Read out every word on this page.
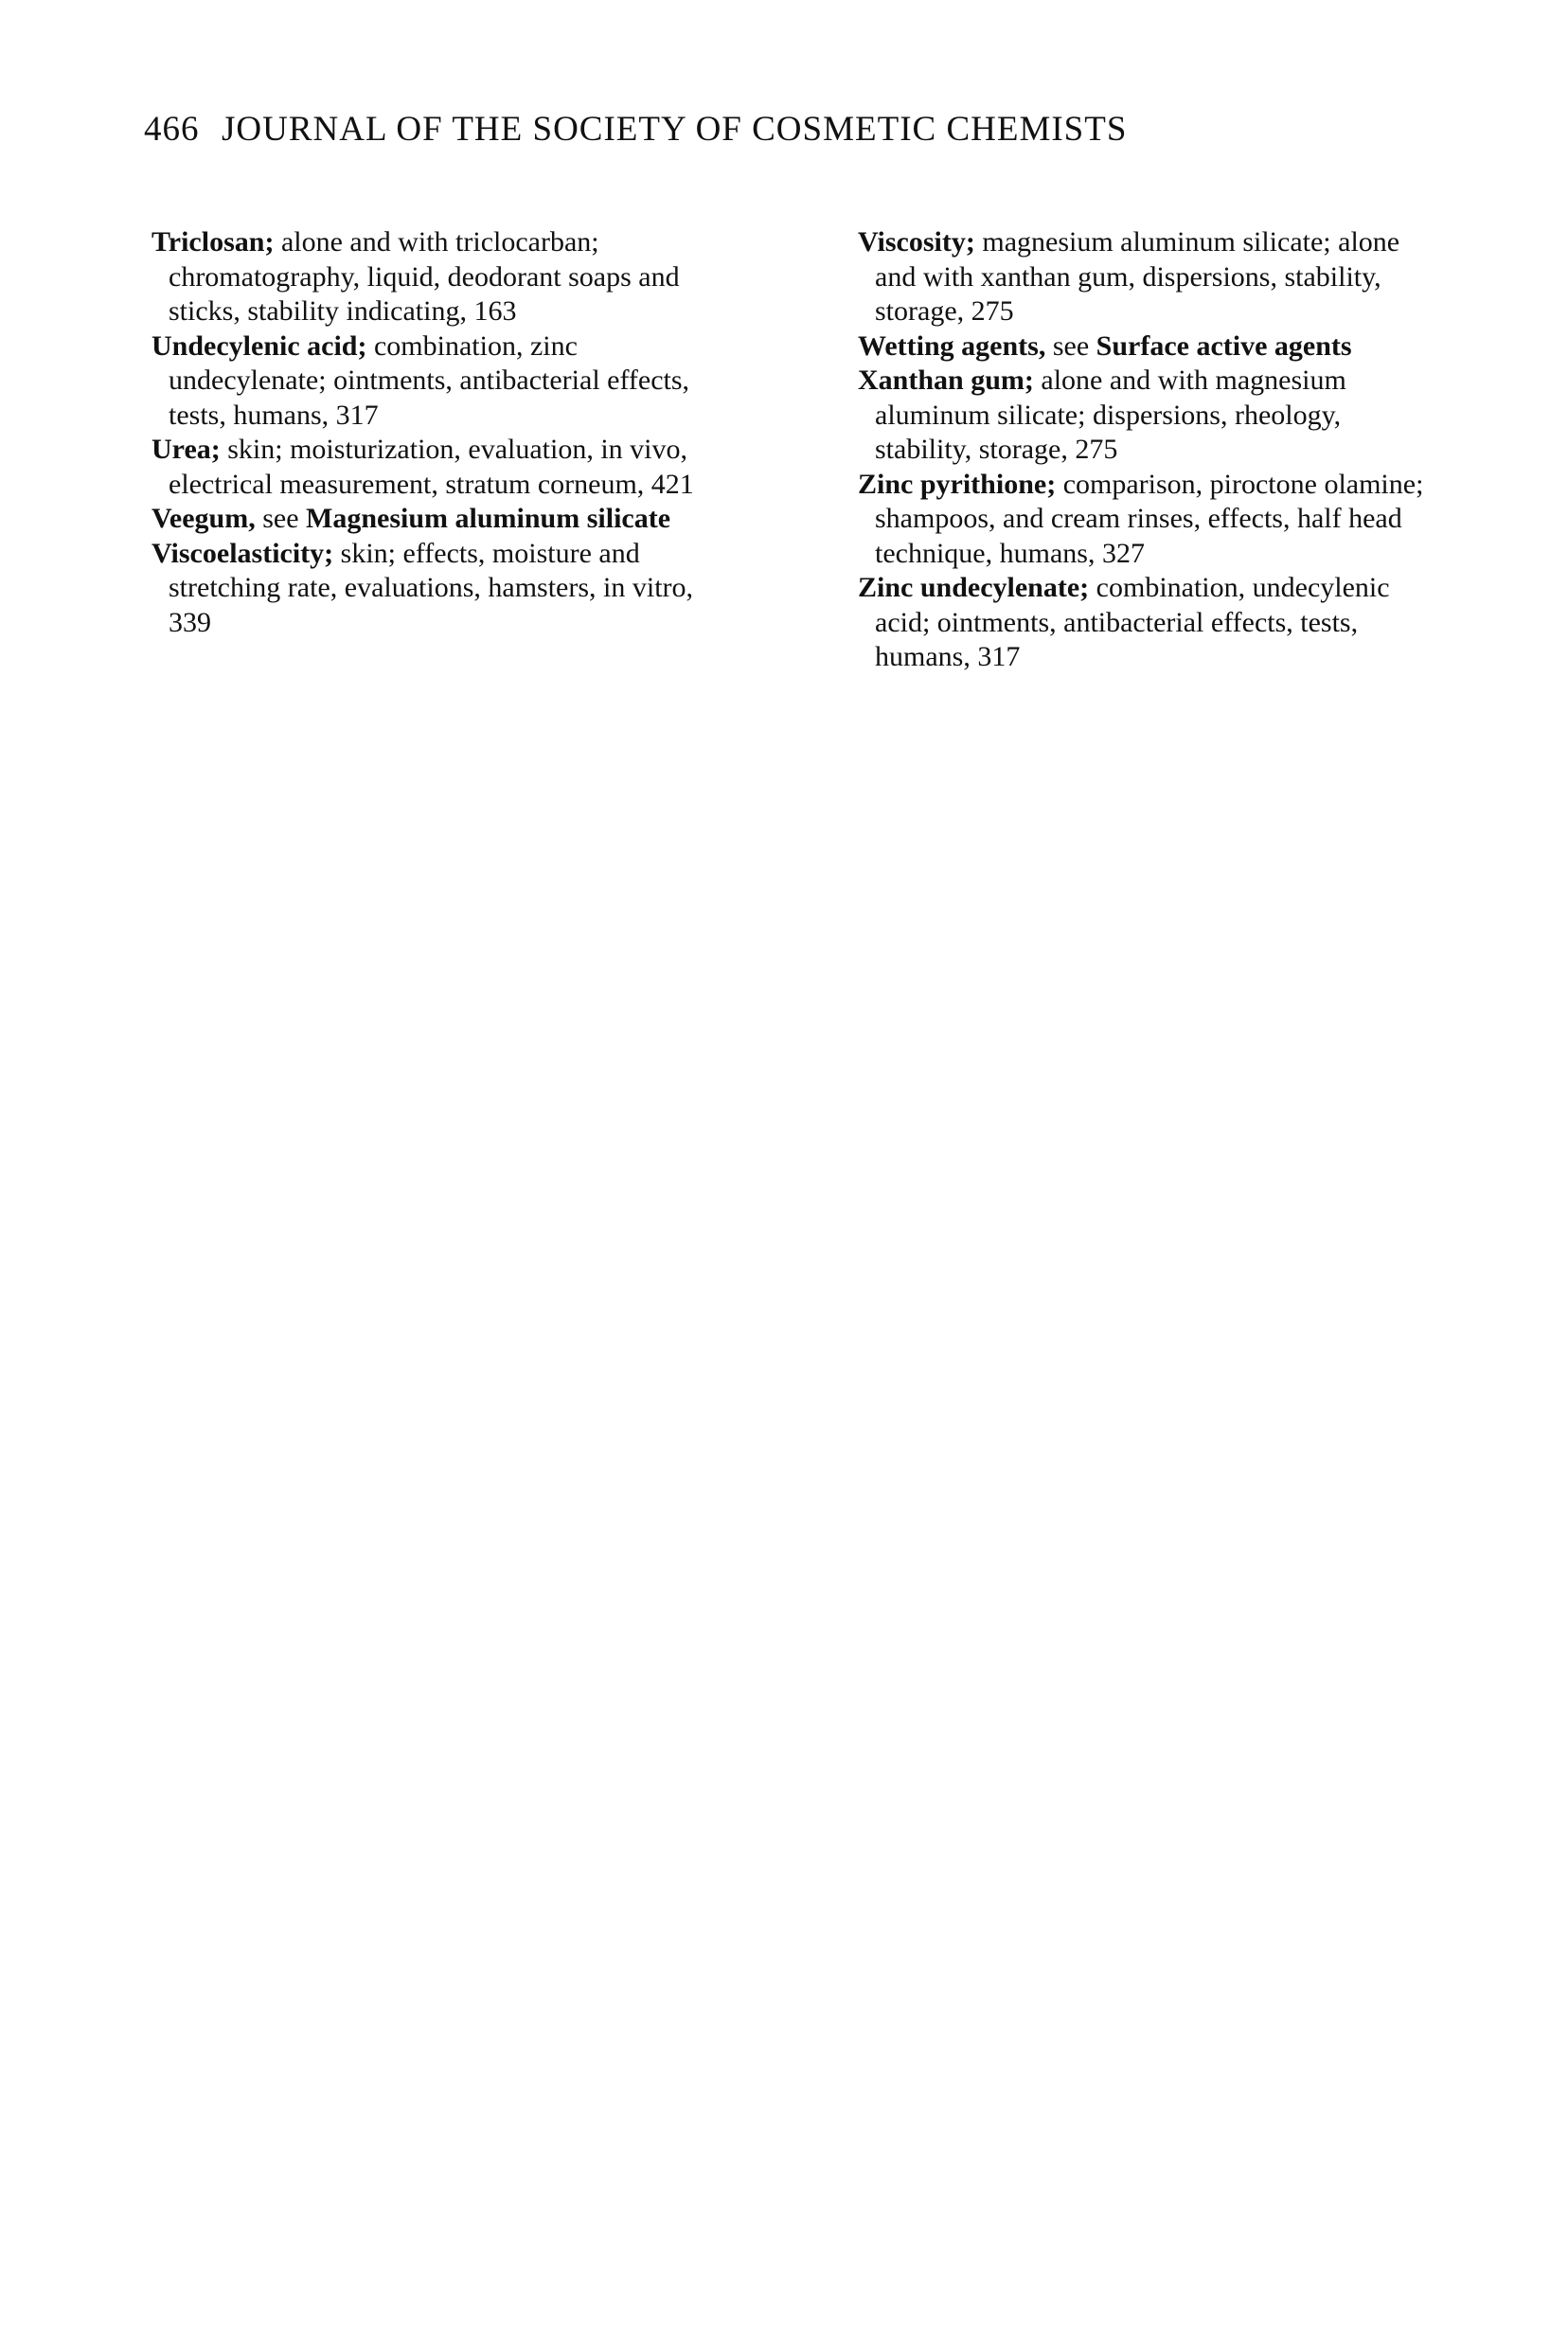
466 JOURNAL OF THE SOCIETY OF COSMETIC CHEMISTS

Triclosan; alone and with triclocarban; chromatography, liquid, deodorant soaps and sticks, stability indicating, 163

Undecylenic acid; combination, zinc undecylenate; ointments, antibacterial effects, tests, humans, 317

Urea; skin; moisturization, evaluation, in vivo, electrical measurement, stratum corneum, 421

Veegum, see Magnesium aluminum silicate

Viscoelasticity; skin; effects, moisture and stretching rate, evaluations, hamsters, in vitro, 339

Viscosity; magnesium aluminum silicate; alone and with xanthan gum, dispersions, stability, storage, 275

Wetting agents, see Surface active agents

Xanthan gum; alone and with magnesium aluminum silicate; dispersions, rheology, stability, storage, 275

Zinc pyrithione; comparison, piroctone olamine; shampoos, and cream rinses, effects, half head technique, humans, 327

Zinc undecylenate; combination, undecylenic acid; ointments, antibacterial effects, tests, humans, 317
